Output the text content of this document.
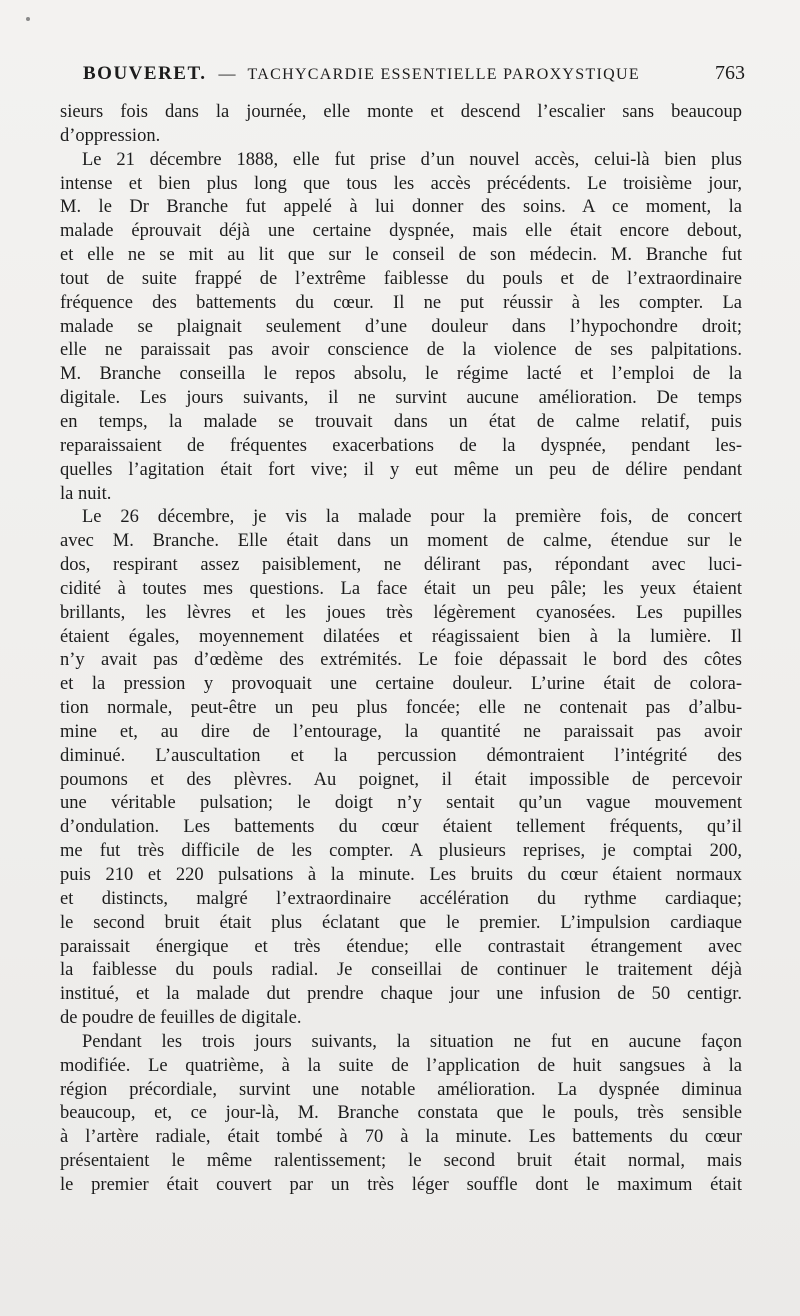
BOUVERET. — TACHYCARDIE ESSENTIELLE PAROXYSTIQUE	763
sieurs fois dans la journée, elle monte et descend l’escalier sans beaucoup
d’oppression.
Le 21 décembre 1888, elle fut prise d’un nouvel accès, celui-là bien plus
intense et bien plus long que tous les accès précédents. Le troisième jour,
M. le Dr Branche fut appelé à lui donner des soins. A ce moment, la
malade éprouvait déjà une certaine dyspnée, mais elle était encore debout,
et elle ne se mit au lit que sur le conseil de son médecin. M. Branche fut
tout de suite frappé de l’extrême faiblesse du pouls et de l’extraordinaire
fréquence des battements du cœur. Il ne put réussir à les compter. La
malade se plaignait seulement d’une douleur dans l’hypochondre droit;
elle ne paraissait pas avoir conscience de la violence de ses palpitations.
M. Branche conseilla le repos absolu, le régime lacté et l’emploi de la
digitale. Les jours suivants, il ne survint aucune amélioration. De temps
en temps, la malade se trouvait dans un état de calme relatif, puis
reparaissaient de fréquentes exacerbations de la dyspnée, pendant les-
quelles l’agitation était fort vive; il y eut même un peu de délire pendant
la nuit.
Le 26 décembre, je vis la malade pour la première fois, de concert
avec M. Branche. Elle était dans un moment de calme, étendue sur le
dos, respirant assez paisiblement, ne délirant pas, répondant avec luci-
cidité à toutes mes questions. La face était un peu pâle; les yeux étaient
brillants, les lèvres et les joues très légèrement cyanosées. Les pupilles
étaient égales, moyennement dilatées et réagissaient bien à la lumière. Il
n’y avait pas d’œdème des extrémités. Le foie dépassait le bord des côtes
et la pression y provoquait une certaine douleur. L’urine était de colora-
tion normale, peut-être un peu plus foncée; elle ne contenait pas d’albu-
mine et, au dire de l’entourage, la quantité ne paraissait pas avoir
diminué. L’auscultation et la percussion démontraient l’intégrité des
poumons et des plèvres. Au poignet, il était impossible de percevoir
une véritable pulsation; le doigt n’y sentait qu’un vague mouvement
d’ondulation. Les battements du cœur étaient tellement fréquents, qu’il
me fut très difficile de les compter. A plusieurs reprises, je comptai 200,
puis 210 et 220 pulsations à la minute. Les bruits du cœur étaient normaux
et distincts, malgré l’extraordinaire accélération du rythme cardiaque;
le second bruit était plus éclatant que le premier. L’impulsion cardiaque
paraissait énergique et très étendue; elle contrastait étrangement avec
la faiblesse du pouls radial. Je conseillai de continuer le traitement déjà
institué, et la malade dut prendre chaque jour une infusion de 50 centigr.
de poudre de feuilles de digitale.
Pendant les trois jours suivants, la situation ne fut en aucune façon
modifiée. Le quatrième, à la suite de l’application de huit sangsues à la
région précordiale, survint une notable amélioration. La dyspnée diminua
beaucoup, et, ce jour-là, M. Branche constata que le pouls, très sensible
à l’artère radiale, était tombé à 70 à la minute. Les battements du cœur
présentaient le même ralentissement; le second bruit était normal, mais
le premier était couvert par un très léger souffle dont le maximum était
